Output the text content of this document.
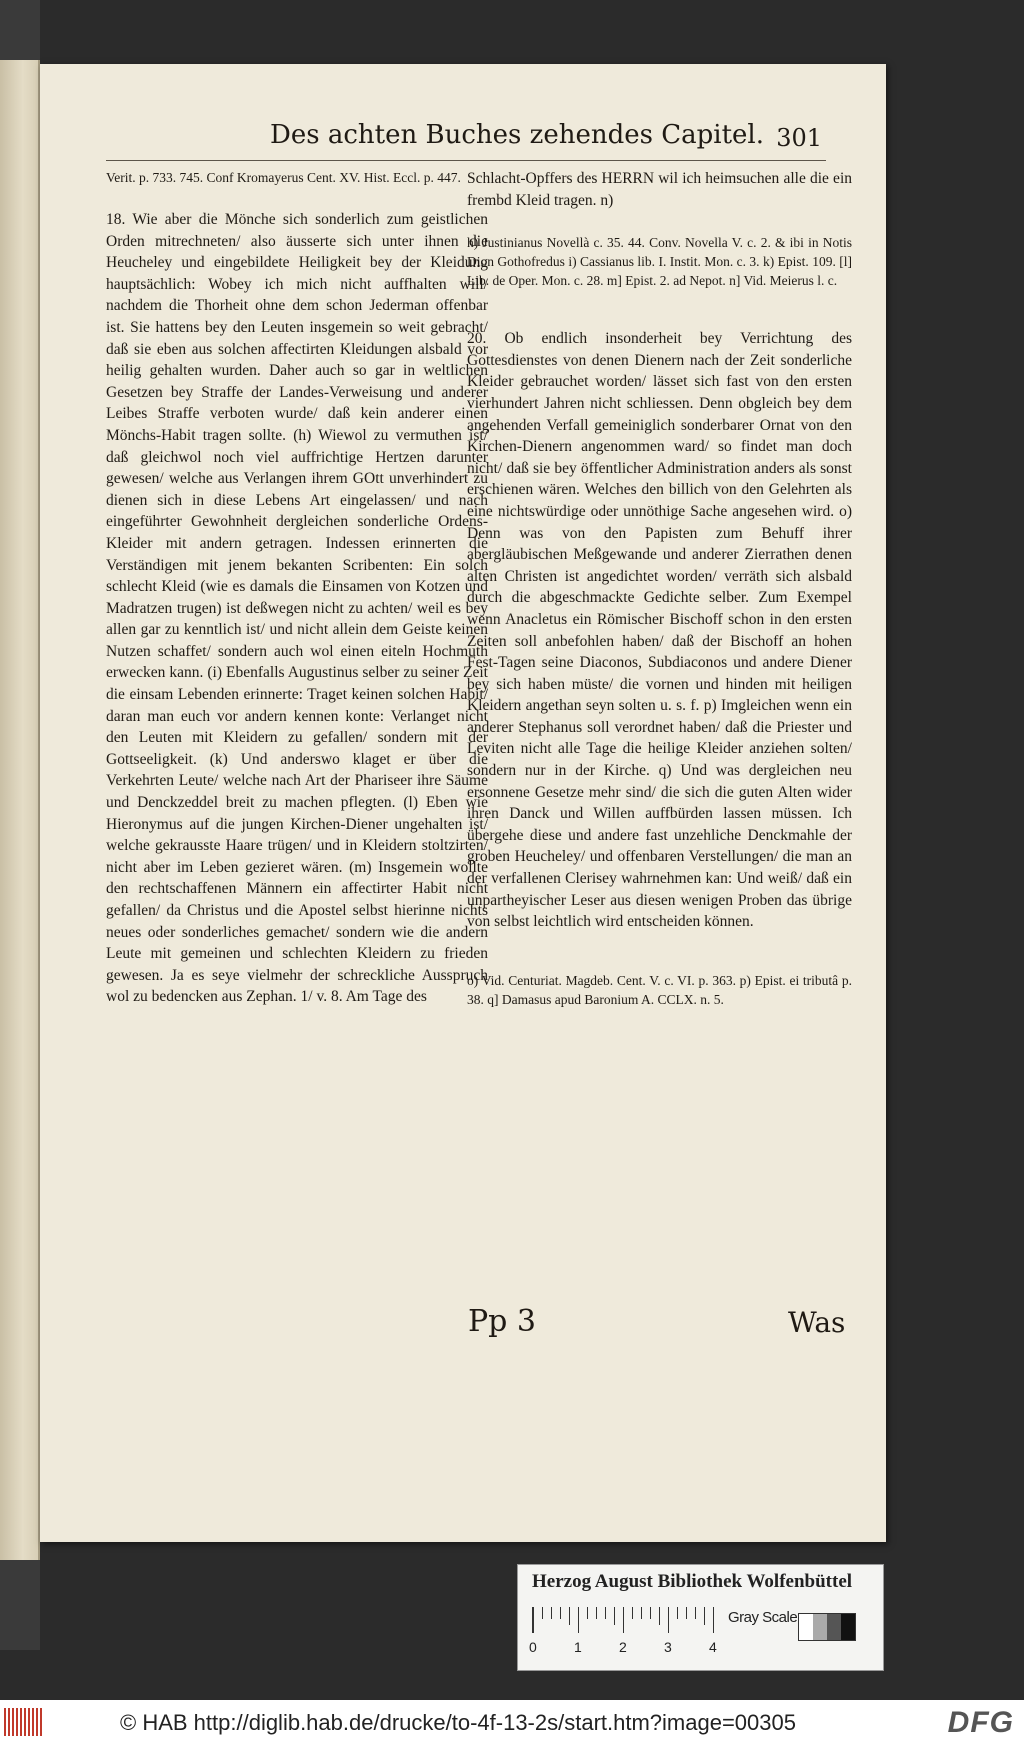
Des achten Buches zehendes Capitel. 301

Verit. p. 733. 745. Conf Kromayerus Cent. XV. Hist. Eccl. p. 447.

18. Wie aber die Mönche sich sonderlich zum geistlichen Orden mitrechneten/ also äusserte sich unter ihnen die Heucheley und eingebildete Heiligkeit bey der Kleidung hauptsächlich: Wobey ich mich nicht auffhalten will/ nachdem die Thorheit ohne dem schon Jederman offenbar ist. Sie hattens bey den Leuten insgemein so weit gebracht/ daß sie eben aus solchen affectirten Kleidungen alsbald vor heilig gehalten wurden. Daher auch so gar in weltlichen Gesetzen bey Straffe der Landes-Verweisung und anderer Leibes Straffe verboten wurde/ daß kein anderer einen Mönchs-Habit tragen sollte. (h) Wiewol zu vermuthen ist/ daß gleichwol noch viel auffrichtige Hertzen darunter gewesen/ welche aus Verlangen ihrem GOtt unverhindert zu dienen sich in diese Lebens Art eingelassen/ und nach eingeführter Gewohnheit dergleichen sonderliche Ordens-Kleider mit andern getragen. Indessen erinnerten die Verständigen mit jenem bekanten Scribenten: Ein solch schlecht Kleid (wie es damals die Einsamen von Kotzen und Madratzen trugen) ist deßwegen nicht zu achten/ weil es bey allen gar zu kenntlich ist/ und nicht allein dem Geiste keinen Nutzen schaffet/ sondern auch wol einen eiteln Hochmuth erwecken kann. (i) Ebenfalls Augustinus selber zu seiner Zeit die einsam Lebenden erinnerte: Traget keinen solchen Habit/ daran man euch vor andern kennen konte: Verlanget nicht den Leuten mit Kleidern zu gefallen/ sondern mit der Gottseeligkeit. (k) Und anderswo klaget er über die Verkehrten Leute/ welche nach Art der Phariseer ihre Säume und Denckzeddel breit zu machen pflegten. (l) Eben wie Hieronymus auf die jungen Kirchen-Diener ungehalten ist/ welche gekrausste Haare trügen/ und in Kleidern stoltzirten/ nicht aber im Leben gezieret wären. (m) Insgemein wollte den rechtschaffenen Männern ein affectirter Habit nicht gefallen/ da Christus und die Apostel selbst hierinne nichts neues oder sonderliches gemachet/ sondern wie die andern Leute mit gemeinen und schlechten Kleidern zu frieden gewesen. Ja es seye vielmehr der schreckliche Ausspruch wol zu bedencken aus Zephan. 1/ v. 8. Am Tage des

Schlacht-Opffers des HERRN wil ich heimsuchen alle die ein frembd Kleid tragen. n)

h) Justinianus Novellà c. 35. 44. Conv. Novella V. c. 2. & ibi in Notis Dion Gothofredus i) Cassianus lib. I. Instit. Mon. c. 3. k) Epist. 109. [l] Lib. de Oper. Mon. c. 28. m] Epist. 2. ad Nepot. n] Vid. Meierus l. c.

20. Ob endlich insonderheit bey Verrichtung des Gottesdienstes von denen Dienern nach der Zeit sonderliche Kleider gebrauchet worden/ lässet sich fast von den ersten vierhundert Jahren nicht schliessen. Denn obgleich bey dem angehenden Verfall gemeiniglich sonderbarer Ornat von den Kirchen-Dienern angenommen ward/ so findet man doch nicht/ daß sie bey öffentlicher Administration anders als sonst erschienen wären. Welches den billich von den Gelehrten als eine nichtswürdige oder unnöthige Sache angesehen wird. o) Denn was von den Papisten zum Behuff ihrer abergläubischen Meßgewande und anderer Zierrathen denen alten Christen ist angedichtet worden/ verräth sich alsbald durch die abgeschmackte Gedichte selber. Zum Exempel wenn Anacletus ein Römischer Bischoff schon in den ersten Zeiten soll anbefohlen haben/ daß der Bischoff an hohen Fest-Tagen seine Diaconos, Subdiaconos und andere Diener bey sich haben müste/ die vornen und hinden mit heiligen Kleidern angethan seyn solten u. s. f. p) Imgleichen wenn ein anderer Stephanus soll verordnet haben/ daß die Priester und Leviten nicht alle Tage die heilige Kleider anziehen solten/ sondern nur in der Kirche. q) Und was dergleichen neu ersonnene Gesetze mehr sind/ die sich die guten Alten wider ihren Danck und Willen auffbürden lassen müssen. Ich übergehe diese und andere fast unzehliche Denckmahle der groben Heucheley/ und offenbaren Verstellungen/ die man an der verfallenen Clerisey wahrnehmen kan: Und weiß/ daß ein unpartheyischer Leser aus diesen wenigen Proben das übrige von selbst leichtlich wird entscheiden können.

o) Vid. Centuriat. Magdeb. Cent. V. c. VI. p. 363. p) Epist. ei tributâ p. 38. q] Damasus apud Baronium A. CCLX. n. 5.

Pp 3	Was
Herzog August Bibliothek Wolfenbüttel
0	1	2	3	4
Gray Scale
© HAB http://diglib.hab.de/drucke/to-4f-13-2s/start.htm?image=00305	DFG
